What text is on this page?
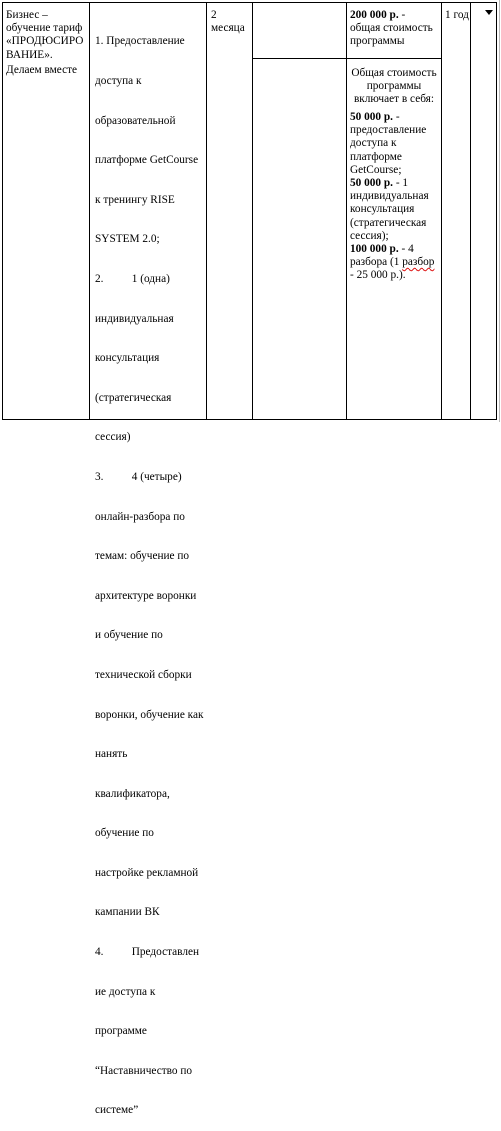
Бизнес –
обучение тариф
«ПРОДЮСИРО
ВАНИЕ».
Делаем вместе

1. Предоставление

доступа к

образовательной

платформе GetCourse

к тренингу RISE

SYSTEM 2.0;

2.          1 (одна)

индивидуальная

консультация

(стратегическая

сессия)

3.          4 (четыре)

онлайн-разбора по

темам: обучение по

архитектуре воронки

и обучение по

технической сборки

воронки, обучение как

нанять

квалификатора,

обучение по

настройке рекламной

кампании ВК

4.          Предоставлен

ие доступа к

программе

“Наставничество по

системе”

2
месяца
200 000 р. -
общая стоимость
программы
Общая стоимость
программы
включает в себя:
50 000 р. -
предоставление
доступа к
платформе
GetCourse;
50 000 р. - 1
индивидуальная
консультация
(стратегическая
сессия);
100 000 р. - 4
разбора (1 разбор
- 25 000 р.).
1 год
